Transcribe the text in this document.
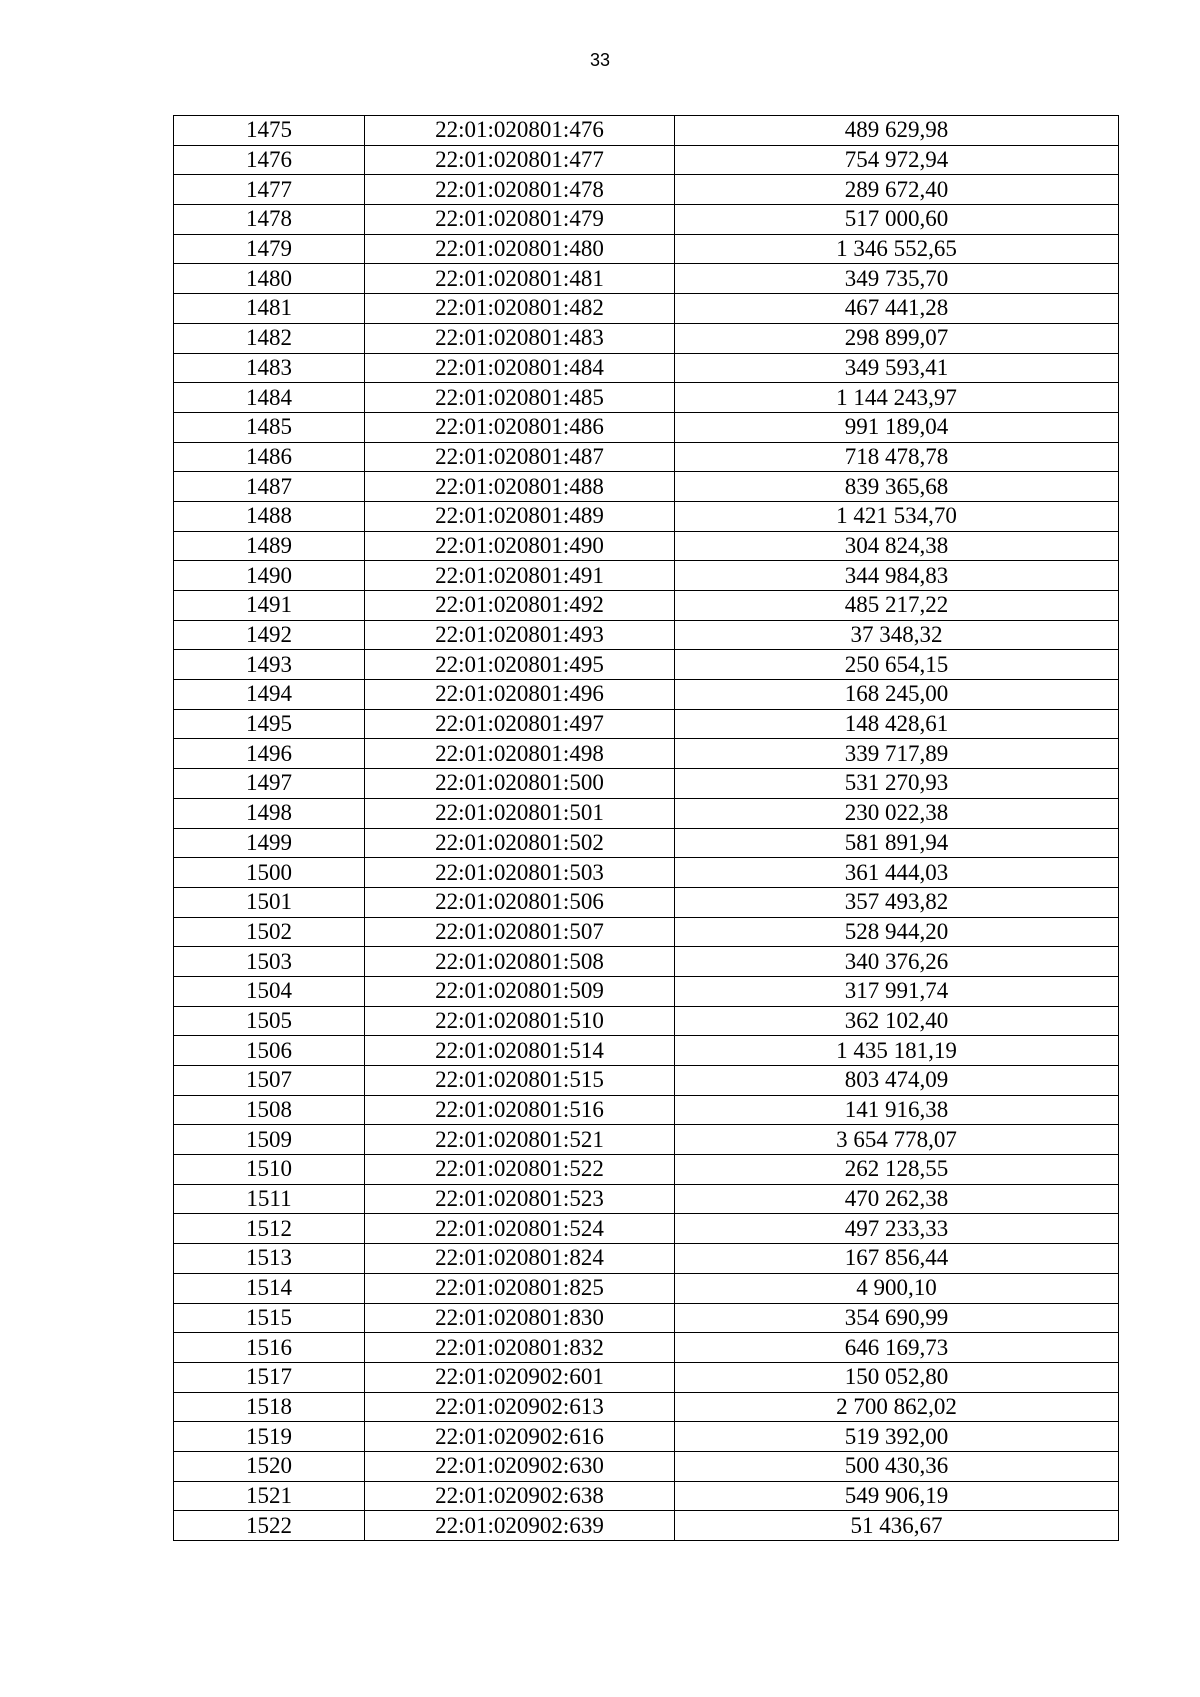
33
1475	22:01:020801:476	489 629,98
1476	22:01:020801:477	754 972,94
1477	22:01:020801:478	289 672,40
1478	22:01:020801:479	517 000,60
1479	22:01:020801:480	1 346 552,65
1480	22:01:020801:481	349 735,70
1481	22:01:020801:482	467 441,28
1482	22:01:020801:483	298 899,07
1483	22:01:020801:484	349 593,41
1484	22:01:020801:485	1 144 243,97
1485	22:01:020801:486	991 189,04
1486	22:01:020801:487	718 478,78
1487	22:01:020801:488	839 365,68
1488	22:01:020801:489	1 421 534,70
1489	22:01:020801:490	304 824,38
1490	22:01:020801:491	344 984,83
1491	22:01:020801:492	485 217,22
1492	22:01:020801:493	37 348,32
1493	22:01:020801:495	250 654,15
1494	22:01:020801:496	168 245,00
1495	22:01:020801:497	148 428,61
1496	22:01:020801:498	339 717,89
1497	22:01:020801:500	531 270,93
1498	22:01:020801:501	230 022,38
1499	22:01:020801:502	581 891,94
1500	22:01:020801:503	361 444,03
1501	22:01:020801:506	357 493,82
1502	22:01:020801:507	528 944,20
1503	22:01:020801:508	340 376,26
1504	22:01:020801:509	317 991,74
1505	22:01:020801:510	362 102,40
1506	22:01:020801:514	1 435 181,19
1507	22:01:020801:515	803 474,09
1508	22:01:020801:516	141 916,38
1509	22:01:020801:521	3 654 778,07
1510	22:01:020801:522	262 128,55
1511	22:01:020801:523	470 262,38
1512	22:01:020801:524	497 233,33
1513	22:01:020801:824	167 856,44
1514	22:01:020801:825	4 900,10
1515	22:01:020801:830	354 690,99
1516	22:01:020801:832	646 169,73
1517	22:01:020902:601	150 052,80
1518	22:01:020902:613	2 700 862,02
1519	22:01:020902:616	519 392,00
1520	22:01:020902:630	500 430,36
1521	22:01:020902:638	549 906,19
1522	22:01:020902:639	51 436,67
